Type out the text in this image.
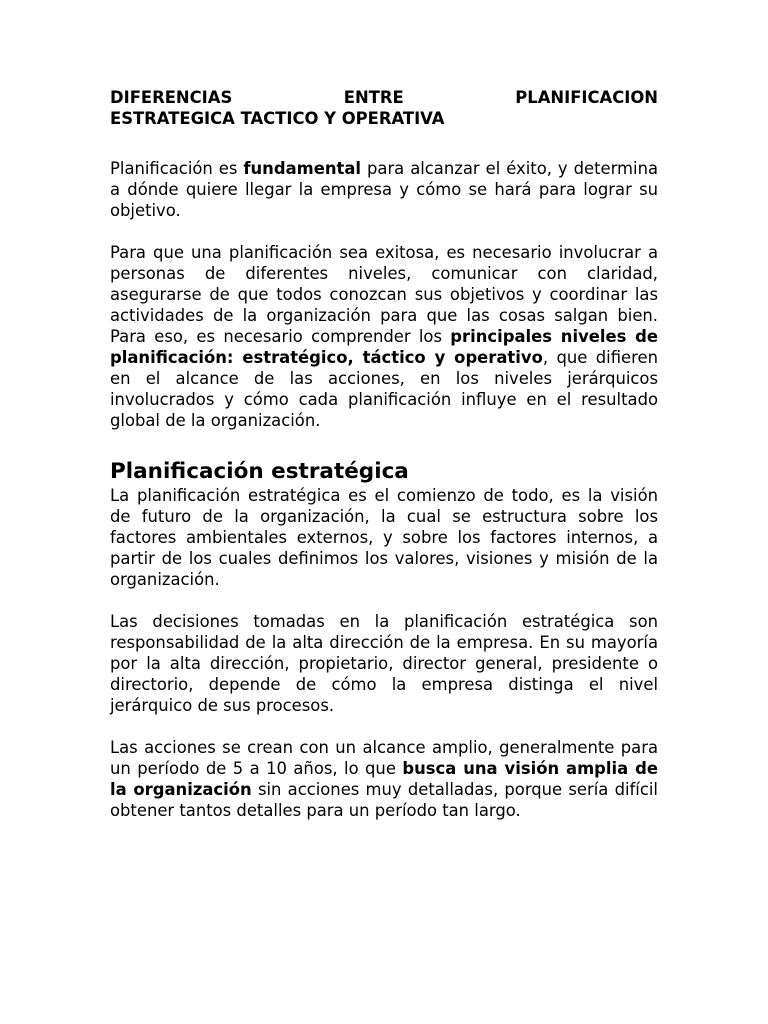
DIFERENCIAS ENTRE PLANIFICACION
ESTRATEGICA TACTICO Y OPERATIVA

Planificación es fundamental para alcanzar el éxito, y determina a dónde quiere llegar la empresa y cómo se hará para lograr su objetivo.

Para que una planificación sea exitosa, es necesario involucrar a personas de diferentes niveles, comunicar con claridad, asegurarse de que todos conozcan sus objetivos y coordinar las actividades de la organización para que las cosas salgan bien. Para eso, es necesario comprender los principales niveles de planificación: estratégico, táctico y operativo, que difieren en el alcance de las acciones, en los niveles jerárquicos involucrados y cómo cada planificación influye en el resultado global de la organización.

Planificación estratégica

La planificación estratégica es el comienzo de todo, es la visión de futuro de la organización, la cual se estructura sobre los factores ambientales externos, y sobre los factores internos, a partir de los cuales definimos los valores, visiones y misión de la organización.

Las decisiones tomadas en la planificación estratégica son responsabilidad de la alta dirección de la empresa. En su mayoría por la alta dirección, propietario, director general, presidente o directorio, depende de cómo la empresa distinga el nivel jerárquico de sus procesos.

Las acciones se crean con un alcance amplio, generalmente para un período de 5 a 10 años, lo que busca una visión amplia de la organización sin acciones muy detalladas, porque sería difícil obtener tantos detalles para un período tan largo.
